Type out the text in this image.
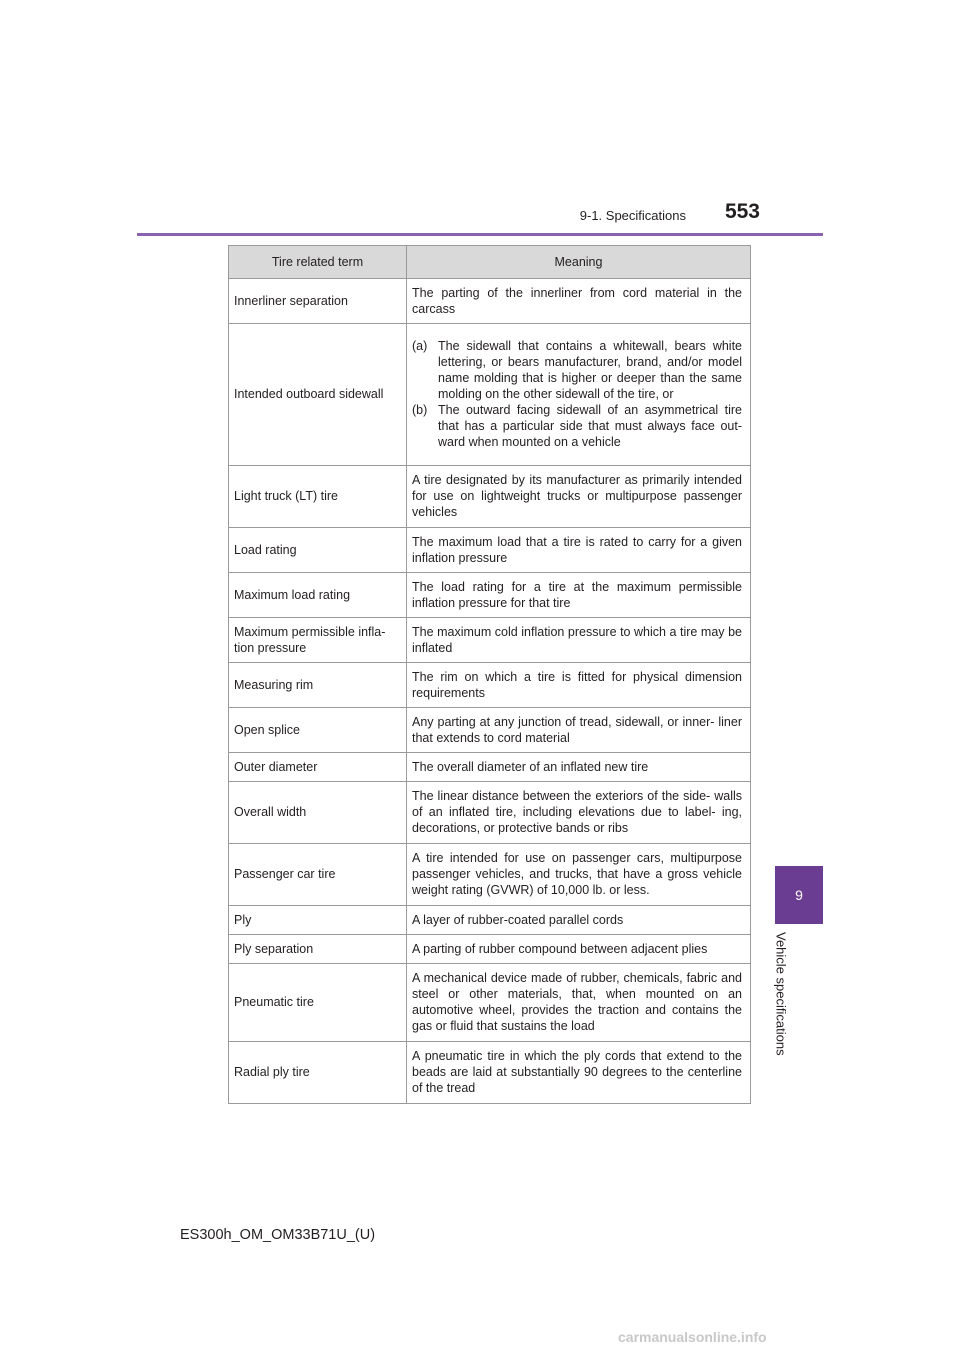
9-1. Specifications	553
9
Vehicle specifications
Tire related term	Meaning
Innerliner separation	The parting of the innerliner from cord material in the carcass
Intended outboard sidewall	(a) The sidewall that contains a whitewall, bears white lettering, or bears manufacturer, brand, and/or model name molding that is higher or deeper than the same molding on the other sidewall of the tire, or
(b) The outward facing sidewall of an asymmetrical tire that has a particular side that must always face out- ward when mounted on a vehicle

Light truck (LT) tire	A tire designated by its manufacturer as primarily intended for use on lightweight trucks or multipurpose passenger vehicles
Load rating	The maximum load that a tire is rated to carry for a given inflation pressure
Maximum load rating	The load rating for a tire at the maximum permissible inflation pressure for that tire
Maximum permissible infla- tion pressure	The maximum cold inflation pressure to which a tire may be inflated
Measuring rim	The rim on which a tire is fitted for physical dimension requirements
Open splice	Any parting at any junction of tread, sidewall, or inner- liner that extends to cord material
Outer diameter	The overall diameter of an inflated new tire
Overall width	The linear distance between the exteriors of the side- walls of an inflated tire, including elevations due to label- ing, decorations, or protective bands or ribs
Passenger car tire	A tire intended for use on passenger cars, multipurpose passenger vehicles, and trucks, that have a gross vehicle weight rating (GVWR) of 10,000 lb. or less.
Ply	A layer of rubber-coated parallel cords
Ply separation	A parting of rubber compound between adjacent plies
Pneumatic tire	A mechanical device made of rubber, chemicals, fabric and steel or other materials, that, when mounted on an automotive wheel, provides the traction and contains the gas or fluid that sustains the load
Radial ply tire	A pneumatic tire in which the ply cords that extend to the beads are laid at substantially 90 degrees to the centerline of the tread
ES300h_OM_OM33B71U_(U)
carmanualsonline.info
